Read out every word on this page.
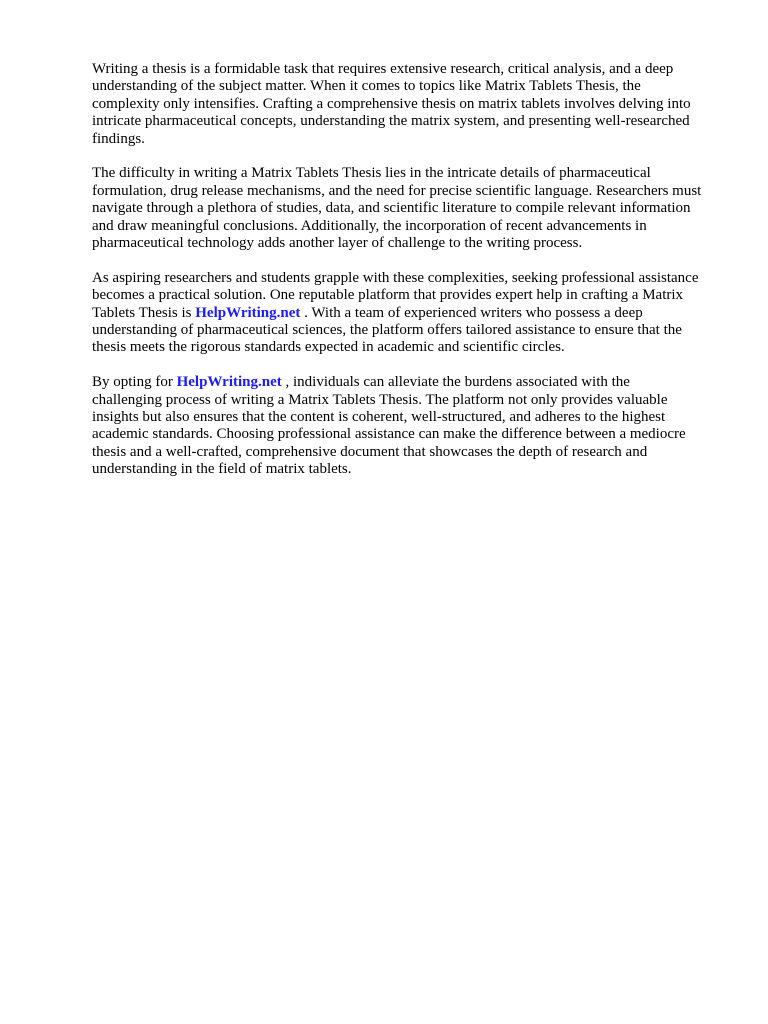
Writing a thesis is a formidable task that requires extensive research, critical analysis, and a deep
understanding of the subject matter. When it comes to topics like Matrix Tablets Thesis, the
complexity only intensifies. Crafting a comprehensive thesis on matrix tablets involves delving into
intricate pharmaceutical concepts, understanding the matrix system, and presenting well-researched
findings.

The difficulty in writing a Matrix Tablets Thesis lies in the intricate details of pharmaceutical
formulation, drug release mechanisms, and the need for precise scientific language. Researchers must
navigate through a plethora of studies, data, and scientific literature to compile relevant information
and draw meaningful conclusions. Additionally, the incorporation of recent advancements in
pharmaceutical technology adds another layer of challenge to the writing process.

As aspiring researchers and students grapple with these complexities, seeking professional assistance
becomes a practical solution. One reputable platform that provides expert help in crafting a Matrix
Tablets Thesis is HelpWriting.net . With a team of experienced writers who possess a deep
understanding of pharmaceutical sciences, the platform offers tailored assistance to ensure that the
thesis meets the rigorous standards expected in academic and scientific circles.

By opting for HelpWriting.net , individuals can alleviate the burdens associated with the
challenging process of writing a Matrix Tablets Thesis. The platform not only provides valuable
insights but also ensures that the content is coherent, well-structured, and adheres to the highest
academic standards. Choosing professional assistance can make the difference between a mediocre
thesis and a well-crafted, comprehensive document that showcases the depth of research and
understanding in the field of matrix tablets.
